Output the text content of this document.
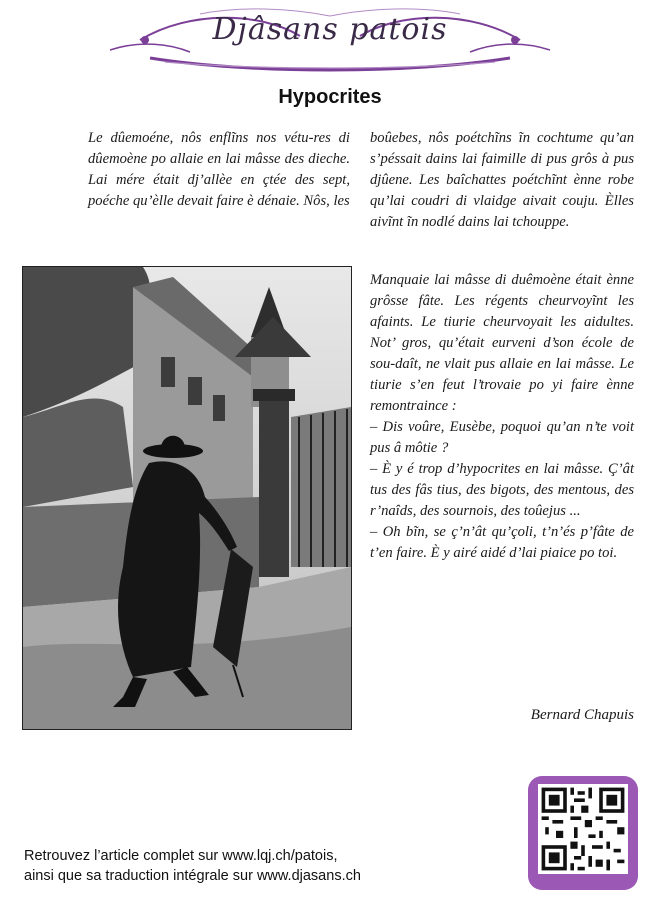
Djâsans patois
Hypocrites

Le dûemoéne, nôs enflĩns nos vétu-res di dûemoène po allaie en lai mâsse des dieche. Lai mére était dj’allèe en çtée des sept, poéche qu’èlle devait faire è dénaie. Nôs, les

boûebes, nôs poétchĩns ĩn cochtume qu’an s’péssait dains lai faimille di pus grôs à pus djûene. Les baîchattes poétchĩnt ènne robe qu’lai coudri di vlaidge aivait couju. Èlles aivĩnt ĩn nodlé dains lai tchouppe.

Manquaie lai mâsse di duêmoène était ènne grôsse fâte. Les régents cheurvoyĩnt les afaints. Le tiurie cheurvoyait les aidultes. Not’ gros, qu’était eurveni d’son école de sou-daît, ne vlait pus allaie en lai mâsse. Le tiurie s’en feut l’trovaie po yi faire ènne remontraince :

– Dis voûre, Eusèbe, poquoi qu’an n’te voit pus â môtie ?

– È y é trop d’hypocrites en lai mâsse. Ç’ât tus des fâs tius, des bigots, des mentous, des r’naîds, des sournois, des toûejus ...

– Oh bĩn, se ç’n’ât qu’çoli, t’n’és p’fâte de t’en faire. È y airé aidé d’lai piaice po toi.

Bernard Chapuis
Retrouvez l’article complet sur www.lqj.ch/patois,
ainsi que sa traduction intégrale sur www.djasans.ch
